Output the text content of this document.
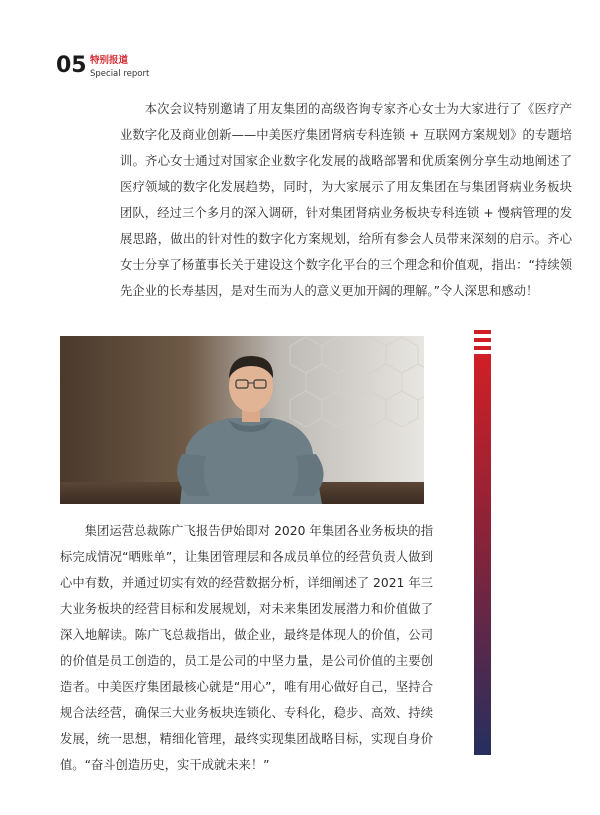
05 特别报道
Special report

本次会议特别邀请了用友集团的高级咨询专家齐心女士为大家进行了《医疗产业数字化及商业创新——中美医疗集团肾病专科连锁 + 互联网方案规划》的专题培训。齐心女士通过对国家企业数字化发展的战略部署和优质案例分享生动地阐述了医疗领域的数字化发展趋势，同时，为大家展示了用友集团在与集团肾病业务板块团队，经过三个多月的深入调研，针对集团肾病业务板块专科连锁 + 慢病管理的发展思路，做出的针对性的数字化方案规划，给所有参会人员带来深刻的启示。齐心女士分享了杨董事长关于建设这个数字化平台的三个理念和价值观，指出：“持续领先企业的长寿基因，是对生而为人的意义更加开阔的理解。”令人深思和感动！

集团运营总裁陈广飞报告伊始即对 2020 年集团各业务板块的指标完成情况“晒账单”，让集团管理层和各成员单位的经营负责人做到心中有数，并通过切实有效的经营数据分析，详细阐述了 2021 年三大业务板块的经营目标和发展规划，对未来集团发展潜力和价值做了深入地解读。陈广飞总裁指出，做企业，最终是体现人的价值，公司的价值是员工创造的，员工是公司的中坚力量，是公司价值的主要创造者。中美医疗集团最核心就是“用心”，唯有用心做好自己，坚持合规合法经营，确保三大业务板块连锁化、专科化，稳步、高效、持续发展，统一思想，精细化管理，最终实现集团战略目标，实现自身价值。“奋斗创造历史，实干成就未来！”
